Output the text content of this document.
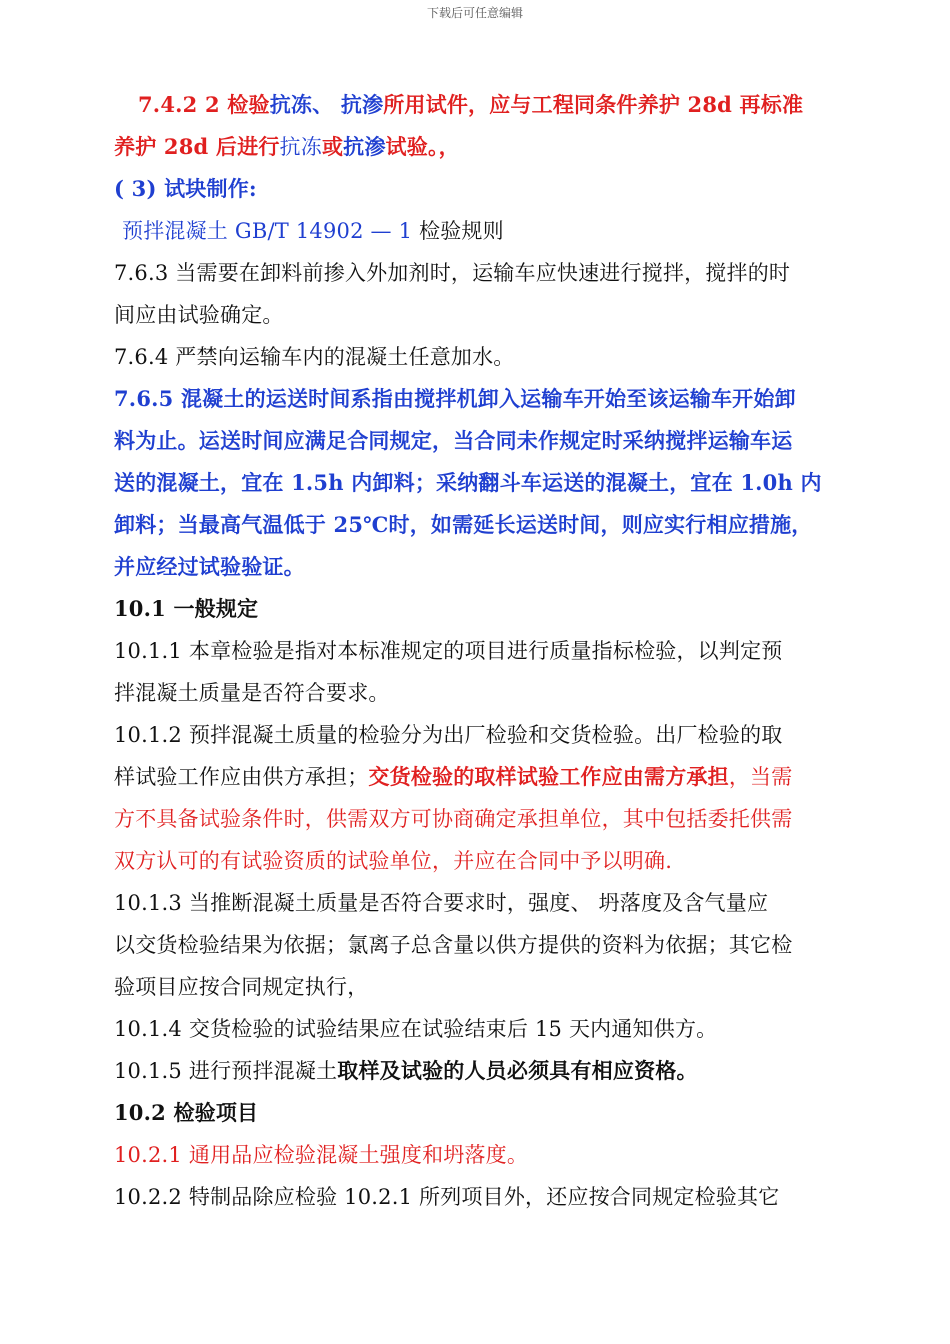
下载后可任意编辑
7.4.2 2 检验抗冻、 抗渗所用试件，应与工程同条件养护 28d 再标准
养护 28d 后进行抗冻或抗渗试验。，
( 3) 试块制作:
预拌混凝土 GB/T 14902 — 1 检验规则
7.6.3 当需要在卸料前掺入外加剂时，运输车应快速进行搅拌，搅拌的时
间应由试验确定。
7.6.4 严禁向运输车内的混凝土任意加水。
7.6.5 混凝土的运送时间系指由搅拌机卸入运输车开始至该运输车开始卸
料为止。运送时间应满足合同规定，当合同未作规定时采纳搅拌运输车运
送的混凝土，宜在 1.5h 内卸料；采纳翻斗车运送的混凝土，宜在 1.0h 内
卸料；当最高气温低于 25℃时，如需延长运送时间，则应实行相应措施，
并应经过试验验证。
10.1 一般规定
10.1.1 本章检验是指对本标准规定的项目进行质量指标检验，以判定预
拌混凝土质量是否符合要求。
10.1.2 预拌混凝土质量的检验分为出厂检验和交货检验。出厂检验的取
样试验工作应由供方承担；交货检验的取样试验工作应由需方承担，当需
方不具备试验条件时，供需双方可协商确定承担单位，其中包括委托供需
双方认可的有试验资质的试验单位，并应在合同中予以明确.
10.1.3 当推断混凝土质量是否符合要求时，强度、 坍落度及含气量应
以交货检验结果为依据；氯离子总含量以供方提供的资料为依据；其它检
验项目应按合同规定执行，
10.1.4 交货检验的试验结果应在试验结束后 15 天内通知供方。
10.1.5 进行预拌混凝土取样及试验的人员必须具有相应资格。
10.2 检验项目
10.2.1 通用品应检验混凝土强度和坍落度。
10.2.2 特制品除应检验 10.2.1 所列项目外，还应按合同规定检验其它
